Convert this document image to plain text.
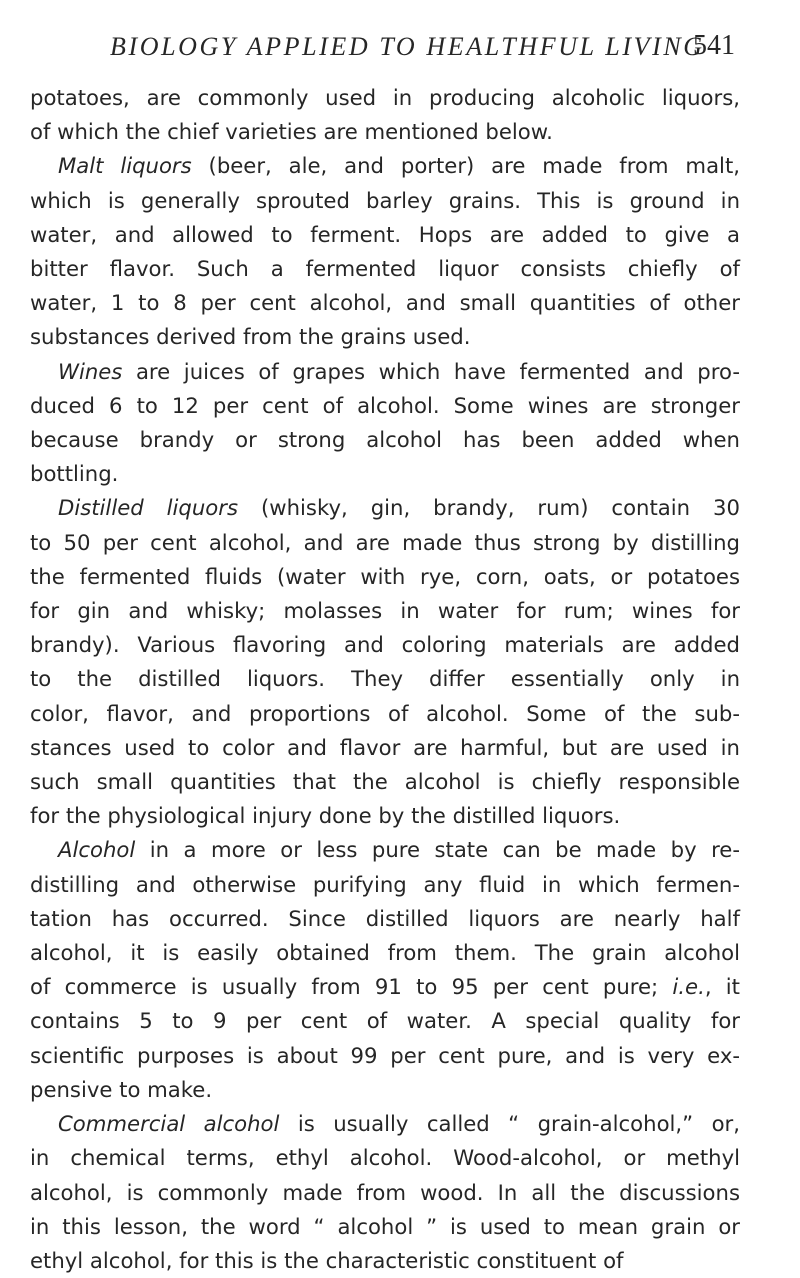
BIOLOGY APPLIED TO HEALTHFUL LIVING
541
potatoes, are commonly used in producing alcoholic liquors,
of which the chief varieties are mentioned below.
Malt liquors (beer, ale, and porter) are made from malt,
which is generally sprouted barley grains. This is ground in
water, and allowed to ferment. Hops are added to give a
bitter flavor. Such a fermented liquor consists chiefly of
water, 1 to 8 per cent alcohol, and small quantities of other
substances derived from the grains used.
Wines are juices of grapes which have fermented and pro-
duced 6 to 12 per cent of alcohol. Some wines are stronger
because brandy or strong alcohol has been added when
bottling.
Distilled liquors (whisky, gin, brandy, rum) contain 30
to 50 per cent alcohol, and are made thus strong by distilling
the fermented fluids (water with rye, corn, oats, or potatoes
for gin and whisky; molasses in water for rum; wines for
brandy). Various flavoring and coloring materials are added
to the distilled liquors. They differ essentially only in
color, flavor, and proportions of alcohol. Some of the sub-
stances used to color and flavor are harmful, but are used in
such small quantities that the alcohol is chiefly responsible
for the physiological injury done by the distilled liquors.
Alcohol in a more or less pure state can be made by re-
distilling and otherwise purifying any fluid in which fermen-
tation has occurred. Since distilled liquors are nearly half
alcohol, it is easily obtained from them. The grain alcohol
of commerce is usually from 91 to 95 per cent pure; i.e., it
contains 5 to 9 per cent of water. A special quality for
scientific purposes is about 99 per cent pure, and is very ex-
pensive to make.
Commercial alcohol is usually called “ grain-alcohol,” or,
in chemical terms, ethyl alcohol. Wood-alcohol, or methyl
alcohol, is commonly made from wood. In all the discussions
in this lesson, the word “ alcohol ” is used to mean grain or
ethyl alcohol, for this is the characteristic constituent of
